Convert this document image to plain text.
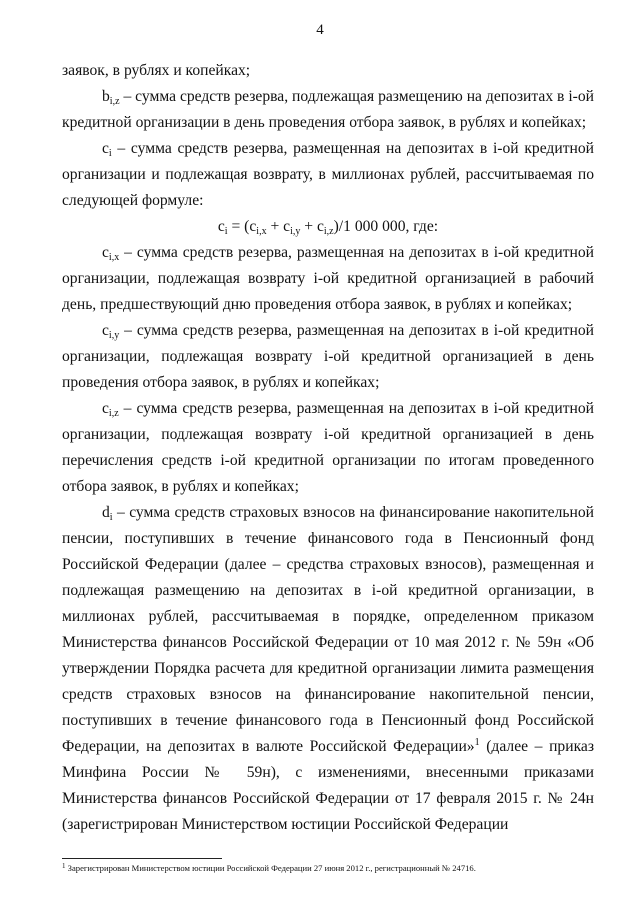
4

заявок, в рублях и копейках;

$b_{i,z}$ – сумма средств резерва, подлежащая размещению на депозитах в i-ой кредитной организации в день проведения отбора заявок, в рублях и копейках;

$c_i$ – сумма средств резерва, размещенная на депозитах в i-ой кредитной организации и подлежащая возврату, в миллионах рублей, рассчитываемая по следующей формуле:

$c_i = (c_{i,x} + c_{i,y} + c_{i,z})/1$ 000 000, где:

$c_{i,x}$ – сумма средств резерва, размещенная на депозитах в i-ой кредитной организации, подлежащая возврату i-ой кредитной организацией в рабочий день, предшествующий дню проведения отбора заявок, в рублях и копейках;

$c_{i,y}$ – сумма средств резерва, размещенная на депозитах в i-ой кредитной организации, подлежащая возврату i-ой кредитной организацией в день проведения отбора заявок, в рублях и копейках;

$c_{i,z}$ – сумма средств резерва, размещенная на депозитах в i-ой кредитной организации, подлежащая возврату i-ой кредитной организацией в день перечисления средств i-ой кредитной организации по итогам проведенного отбора заявок, в рублях и копейках;

$d_i$ – сумма средств страховых взносов на финансирование накопительной пенсии, поступивших в течение финансового года в Пенсионный фонд Российской Федерации (далее – средства страховых взносов), размещенная и подлежащая размещению на депозитах в i-ой кредитной организации, в миллионах рублей, рассчитываемая в порядке, определенном приказом Министерства финансов Российской Федерации от 10 мая 2012 г. № 59н «Об утверждении Порядка расчета для кредитной организации лимита размещения средств страховых взносов на финансирование накопительной пенсии, поступивших в течение финансового года в Пенсионный фонд Российской Федерации, на депозитах в валюте Российской Федерации»$^1$ (далее – приказ Минфина России № 59н), с изменениями, внесенными приказами Министерства финансов Российской Федерации от 17 февраля 2015 г. № 24н (зарегистрирован Министерством юстиции Российской Федерации

$^1$ Зарегистрирован Министерством юстиции Российской Федерации 27 июня 2012 г., регистрационный № 24716.
